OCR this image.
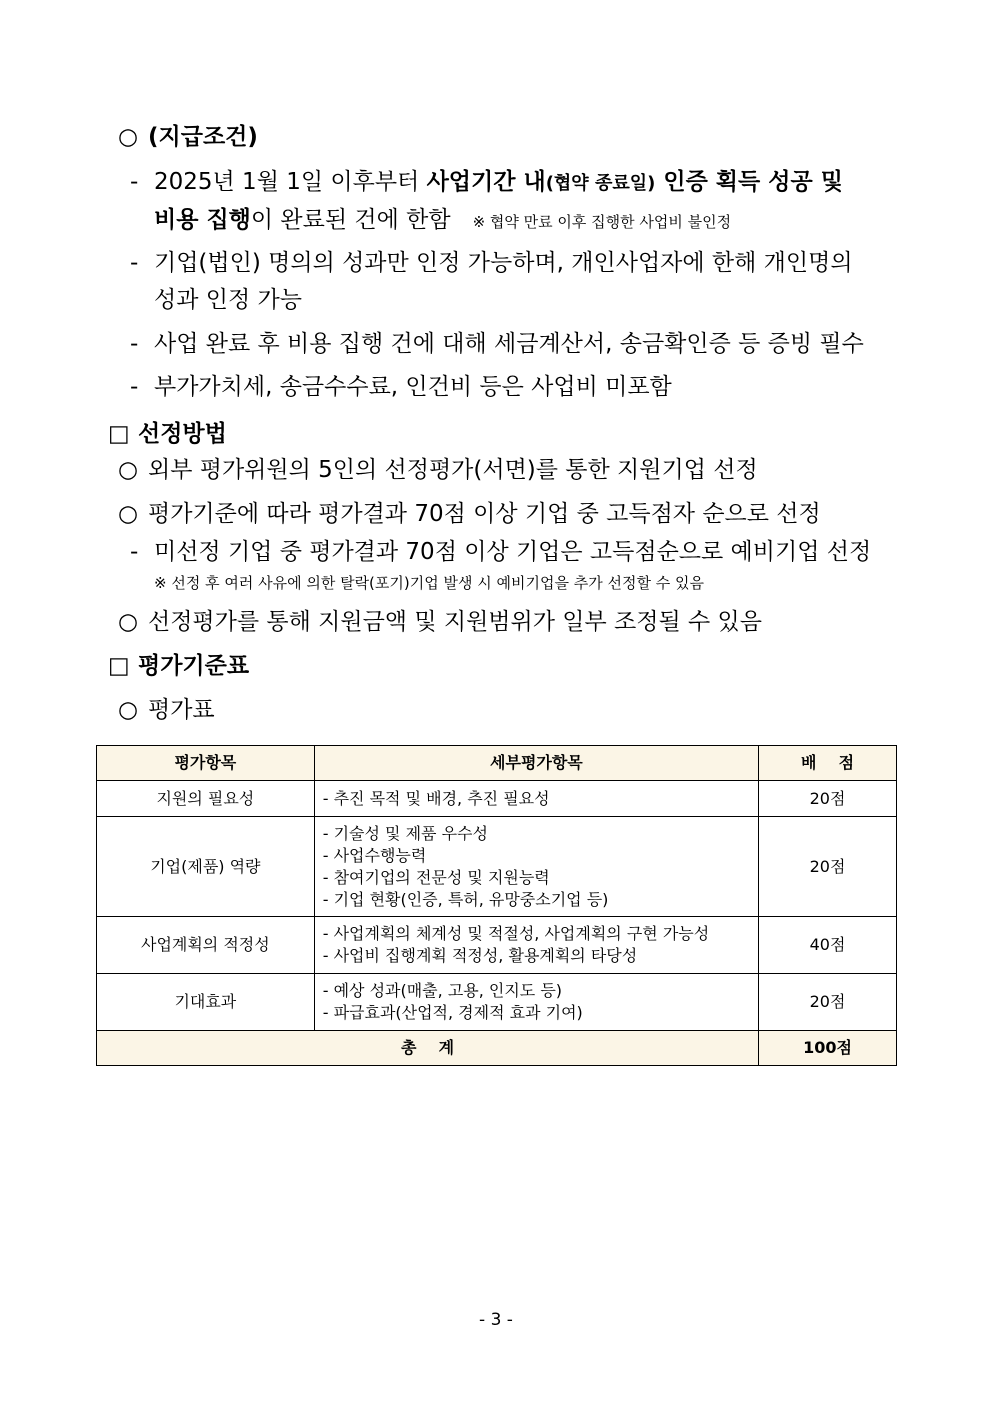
○ (지급조건)
- 2025년 1월 1일 이후부터 사업기간 내(협약 종료일) 인증 획득 성공 및
비용 집행이 완료된 건에 한함 ※ 협약 만료 이후 집행한 사업비 불인정
- 기업(법인) 명의의 성과만 인정 가능하며, 개인사업자에 한해 개인명의
성과 인정 가능
- 사업 완료 후 비용 집행 건에 대해 세금계산서, 송금확인증 등 증빙 필수
- 부가가치세, 송금수수료, 인건비 등은 사업비 미포함
□ 선정방법
○ 외부 평가위원의 5인의 선정평가(서면)를 통한 지원기업 선정
○ 평가기준에 따라 평가결과 70점 이상 기업 중 고득점자 순으로 선정
- 미선정 기업 중 평가결과 70점 이상 기업은 고득점순으로 예비기업 선정
※ 선정 후 여러 사유에 의한 탈락(포기)기업 발생 시 예비기업을 추가 선정할 수 있음
○ 선정평가를 통해 지원금액 및 지원범위가 일부 조정될 수 있음
□ 평가기준표
○ 평가표
평가항목	세부평가항목	배    점
지원의 필요성	- 추진 목적 및 배경, 추진 필요성	20점
기업(제품) 역량	- 기술성 및 제품 우수성
- 사업수행능력
- 참여기업의 전문성 및 지원능력
- 기업 현황(인증, 특허, 유망중소기업 등)	20점
사업계획의 적정성	- 사업계획의 체계성 및 적절성, 사업계획의 구현 가능성
- 사업비 집행계획 적정성, 활용계획의 타당성	40점
기대효과	- 예상 성과(매출, 고용, 인지도 등)
- 파급효과(산업적, 경제적 효과 기여)	20점
총    계		100점
- 3 -
